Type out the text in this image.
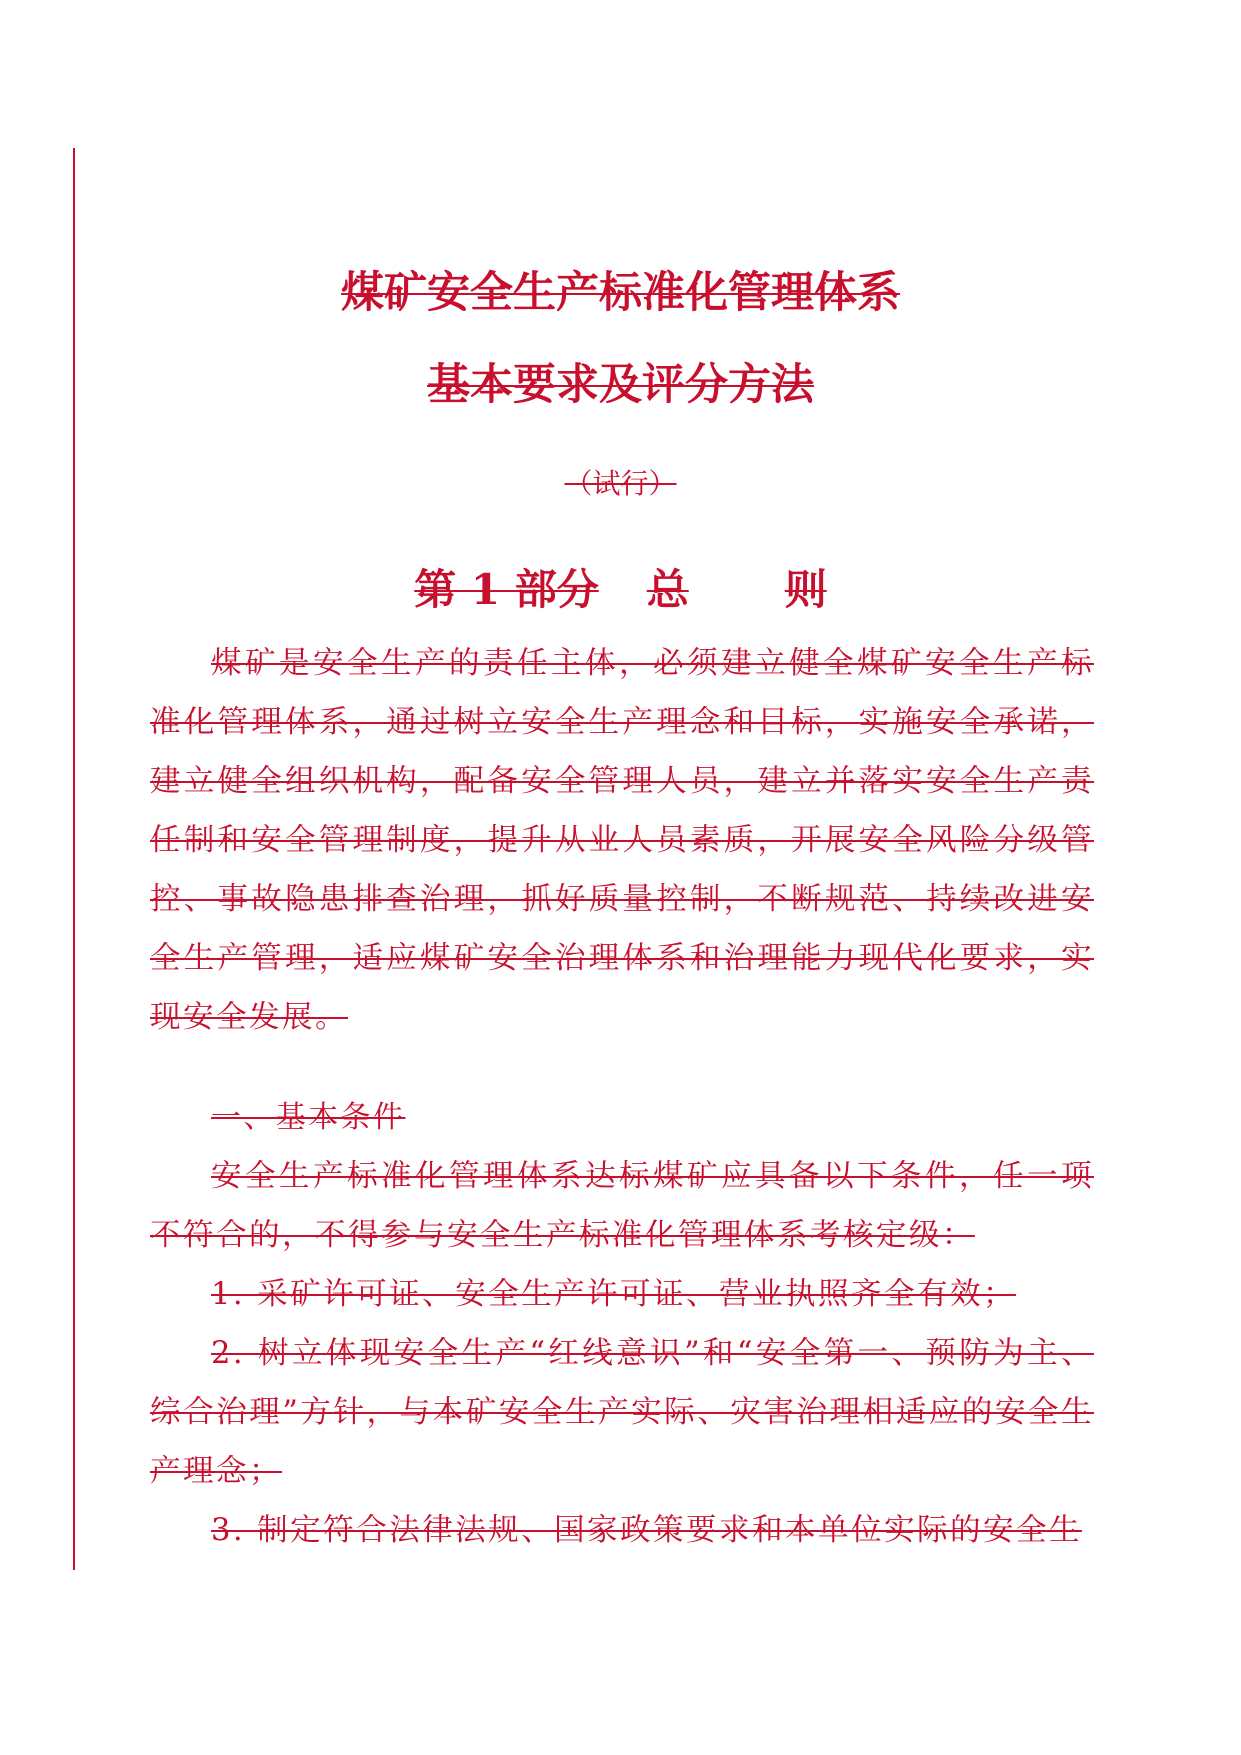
煤矿安全生产标准化管理体系
基本要求及评分方法

（试行）

第 1 部分 总 则

煤矿是安全生产的责任主体，必须建立健全煤矿安全生产标准化管理体系，通过树立安全生产理念和目标，实施安全承诺，建立健全组织机构，配备安全管理人员，建立并落实安全生产责任制和安全管理制度，提升从业人员素质，开展安全风险分级管控、事故隐患排查治理，抓好质量控制，不断规范、持续改进安全生产管理，适应煤矿安全治理体系和治理能力现代化要求，实现安全发展。

一、基本条件

安全生产标准化管理体系达标煤矿应具备以下条件，任一项不符合的，不得参与安全生产标准化管理体系考核定级：

1. 采矿许可证、安全生产许可证、营业执照齐全有效；

2. 树立体现安全生产“红线意识”和“安全第一、预防为主、综合治理”方针，与本矿安全生产实际、灾害治理相适应的安全生产理念；

3. 制定符合法律法规、国家政策要求和本单位实际的安全生
